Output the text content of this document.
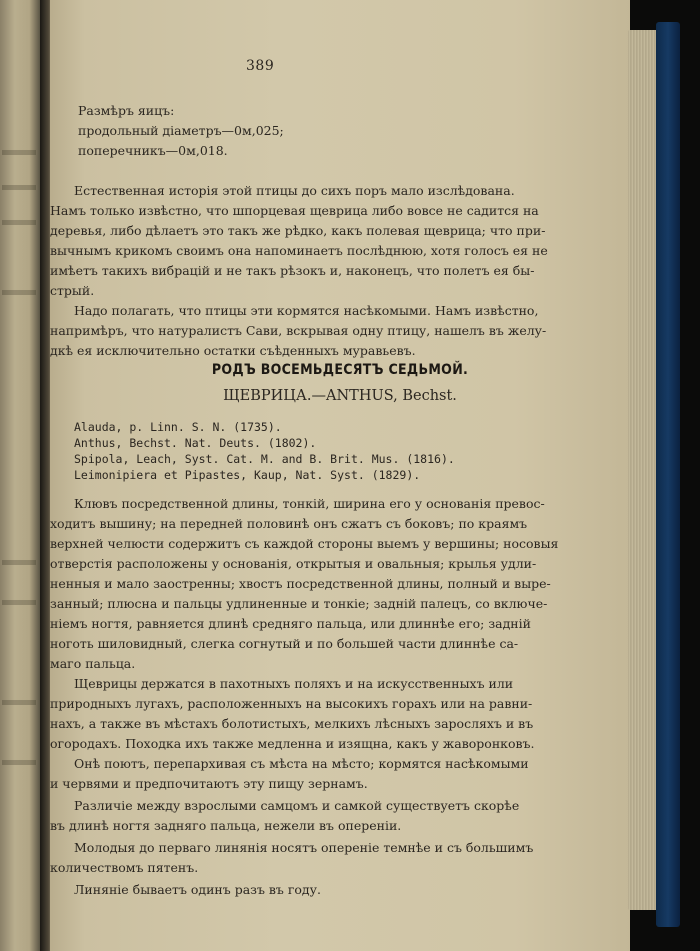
389
Размѣръ яицъ:
продольный діаметръ—0м,025;
поперечникъ—0м,018.
Естественная исторія этой птицы до сихъ поръ мало изслѣдована.
Намъ только извѣстно, что шпорцевая щеврица либо вовсе не садится на
деревья, либо дѣлаетъ это такъ же рѣдко, какъ полевая щеврица; что при-
вычнымъ крикомъ своимъ она напоминаетъ послѣднюю, хотя голосъ ея не
имѣетъ такихъ вибрацій и не такъ рѣзокъ и, наконецъ, что полетъ ея бы-
стрый.
Надо полагать, что птицы эти кормятся насѣкомыми. Намъ извѣстно,
напримѣръ, что натуралистъ Сави, вскрывая одну птицу, нашелъ въ желу-
дкѣ ея исключительно остатки съѣденныхъ муравьевъ.
РОДЪ ВОСЕМЬДЕСЯТЪ СЕДЬМОЙ.
ЩЕВРИЦА.—ANTHUS, Bechst.
Alauda, p. Linn. S. N. (1735).
Anthus, Bechst. Nat. Deuts. (1802).
Spipola, Leach, Syst. Cat. M. and B. Brit. Mus. (1816).
Leimonipiera et Pipastes, Kaup, Nat. Syst. (1829).
Клювъ посредственной длины, тонкій, ширина его у основанія превос-
ходитъ вышину; на передней половинѣ онъ сжатъ съ боковъ; по краямъ
верхней челюсти содержитъ съ каждой стороны выемъ у вершины; носовыя
отверстія расположены у основанія, открытыя и овальныя; крылья удли-
ненныя и мало заостренны; хвостъ посредственной длины, полный и выре-
занный; плюсна и пальцы удлиненные и тонкіе; задній палецъ, со включе-
ніемъ ногтя, равняется длинѣ средняго пальца, или длиннѣе его; задній
ноготь шиловидный, слегка согнутый и по большей части длиннѣе са-
маго пальца.
Щеврицы держатся в пахотныхъ поляхъ и на искусственныхъ или
природныхъ лугахъ, расположенныхъ на высокихъ горахъ или на равни-
нахъ, а также въ мѣстахъ болотистыхъ, мелкихъ лѣсныхъ заросляхъ и въ
огородахъ. Походка ихъ также медленна и изящна, какъ у жаворонковъ.
Онѣ поютъ, перепархивая съ мѣста на мѣсто; кормятся насѣкомыми
и червями и предпочитаютъ эту пищу зернамъ.
Различіе между взрослыми самцомъ и самкой существуетъ скорѣе
въ длинѣ ногтя задняго пальца, нежели въ опереніи.
Молодыя до перваго линянія носятъ опереніе темнѣе и съ большимъ
количествомъ пятенъ.
Линяніе бываетъ одинъ разъ въ году.
